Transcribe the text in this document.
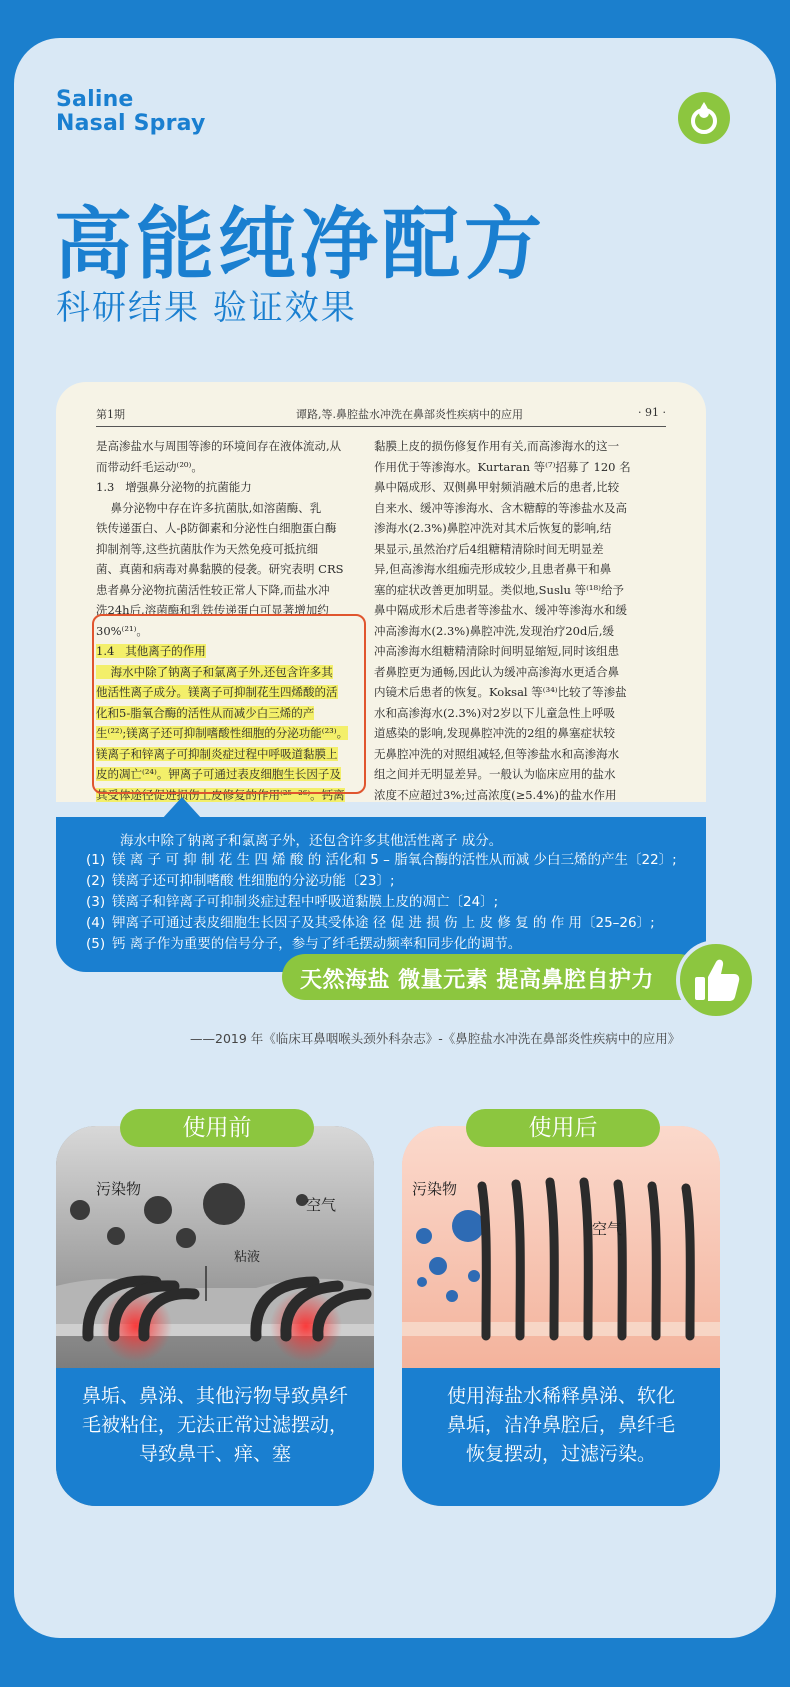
Saline
Nasal Spray
高能纯净配方
科研结果 验证效果
第1期	谭路,等.鼻腔盐水冲洗在鼻部炎性疾病中的应用	· 91 ·
是高渗盐水与周围等渗的环境间存在液体流动,从
而带动纤毛运动⁽²⁰⁾。
1.3   增强鼻分泌物的抗菌能力
鼻分泌物中存在许多抗菌肽,如溶菌酶、乳
铁传递蛋白、人-β防御素和分泌性白细胞蛋白酶
抑制剂等,这些抗菌肽作为天然免疫可抵抗细
菌、真菌和病毒对鼻黏膜的侵袭。研究表明 CRS
患者鼻分泌物抗菌活性较正常人下降,而盐水冲
洗24h后,溶菌酶和乳铁传递蛋白可显著增加约
30%⁽²¹⁾。
1.4   其他离子的作用
海水中除了钠离子和氯离子外,还包含许多其
他活性离子成分。镁离子可抑制花生四烯酸的活
化和5-脂氧合酶的活性从而减少白三烯的产
生⁽²²⁾;镁离子还可抑制嗜酸性细胞的分泌功能⁽²³⁾。
镁离子和锌离子可抑制炎症过程中呼吸道黏膜上
皮的凋亡⁽²⁴⁾。钾离子可通过表皮细胞生长因子及
其受体途径促进损伤上皮修复的作用⁽²⁵⁻²⁶⁾。钙离

黏膜上皮的损伤修复作用有关,而高渗海水的这一
作用优于等渗海水。Kurtaran 等⁽⁷⁾招募了 120 名
鼻中隔成形、双侧鼻甲射频消融术后的患者,比较
自来水、缓冲等渗海水、含木糖醇的等渗盐水及高
渗海水(2.3%)鼻腔冲洗对其术后恢复的影响,结
果显示,虽然治疗后4组糖精清除时间无明显差
异,但高渗海水组痂壳形成较少,且患者鼻干和鼻
塞的症状改善更加明显。类似地,Suslu 等⁽¹⁸⁾给予
鼻中隔成形术后患者等渗盐水、缓冲等渗海水和缓
冲高渗海水(2.3%)鼻腔冲洗,发现治疗20d后,缓
冲高渗海水组糖精清除时间明显缩短,同时该组患
者鼻腔更为通畅,因此认为缓冲高渗海水更适合鼻
内镜术后患者的恢复。Koksal 等⁽³⁴⁾比较了等渗盐
水和高渗海水(2.3%)对2岁以下儿童急性上呼吸
道感染的影响,发现鼻腔冲洗的2组的鼻塞症状较
无鼻腔冲洗的对照组减轻,但等渗盐水和高渗海水
组之间并无明显差异。一般认为临床应用的盐水
浓度不应超过3%;过高浓度(≥5.4%)的盐水作用

海水中除了钠离子和氯离子外，还包含许多其他活性离子 成分。
(1) 镁 离 子 可 抑 制 花 生 四 烯 酸 的 活化和 5 – 脂氧合酶的活性从而减 少白三烯的产生〔22〕;
(2) 镁离子还可抑制嗜酸 性细胞的分泌功能〔23〕;
(3) 镁离子和锌离子可抑制炎症过程中呼吸道黏膜上皮的凋亡〔24〕;
(4) 钾离子可通过表皮细胞生长因子及其受体途 径 促 进 损 伤 上 皮 修 复 的 作 用〔25–26〕;
(5) 钙 离子作为重要的信号分子，参与了纤毛摆动频率和同步化的调节。
天然海盐 微量元素 提高鼻腔自护力
——2019 年《临床耳鼻咽喉头颈外科杂志》-《鼻腔盐水冲洗在鼻部炎性疾病中的应用》
污染物
空气
粘液
鼻垢、鼻涕、其他污物导致鼻纤
毛被粘住，无法正常过滤摆动，
导致鼻干、痒、塞
使用前
污染物
空气
使用海盐水稀释鼻涕、软化
鼻垢，洁净鼻腔后，鼻纤毛
恢复摆动，过滤污染。
使用后
